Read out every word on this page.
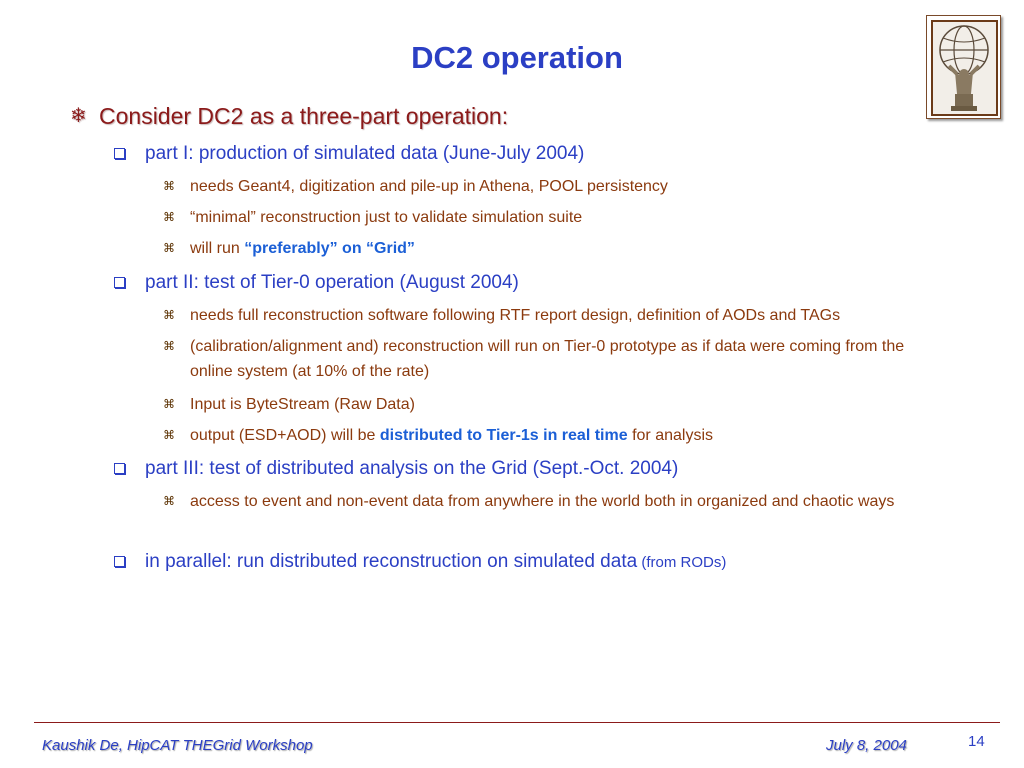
DC2 operation
❄ Consider DC2 as a three-part operation:
part I: production of simulated data (June-July 2004)
⌘ needs Geant4, digitization and pile-up in Athena, POOL persistency
⌘ “minimal” reconstruction just to validate simulation suite
⌘ will run “preferably” on “Grid”
part II: test of Tier-0 operation (August 2004)
⌘ needs full reconstruction software following RTF report design, definition of AODs and TAGs
⌘ (calibration/alignment and) reconstruction will run on Tier-0 prototype as if data were coming from the online system (at 10% of the rate)
⌘ Input is ByteStream (Raw Data)
⌘ output (ESD+AOD) will be distributed to Tier-1s in real time for analysis
part III: test of distributed analysis on the Grid (Sept.-Oct. 2004)
⌘ access to event and non-event data from anywhere in the world both in organized and chaotic ways
in parallel: run distributed reconstruction on simulated data (from RODs)
Kaushik De, HipCAT THEGrid Workshop	July 8, 2004	14
